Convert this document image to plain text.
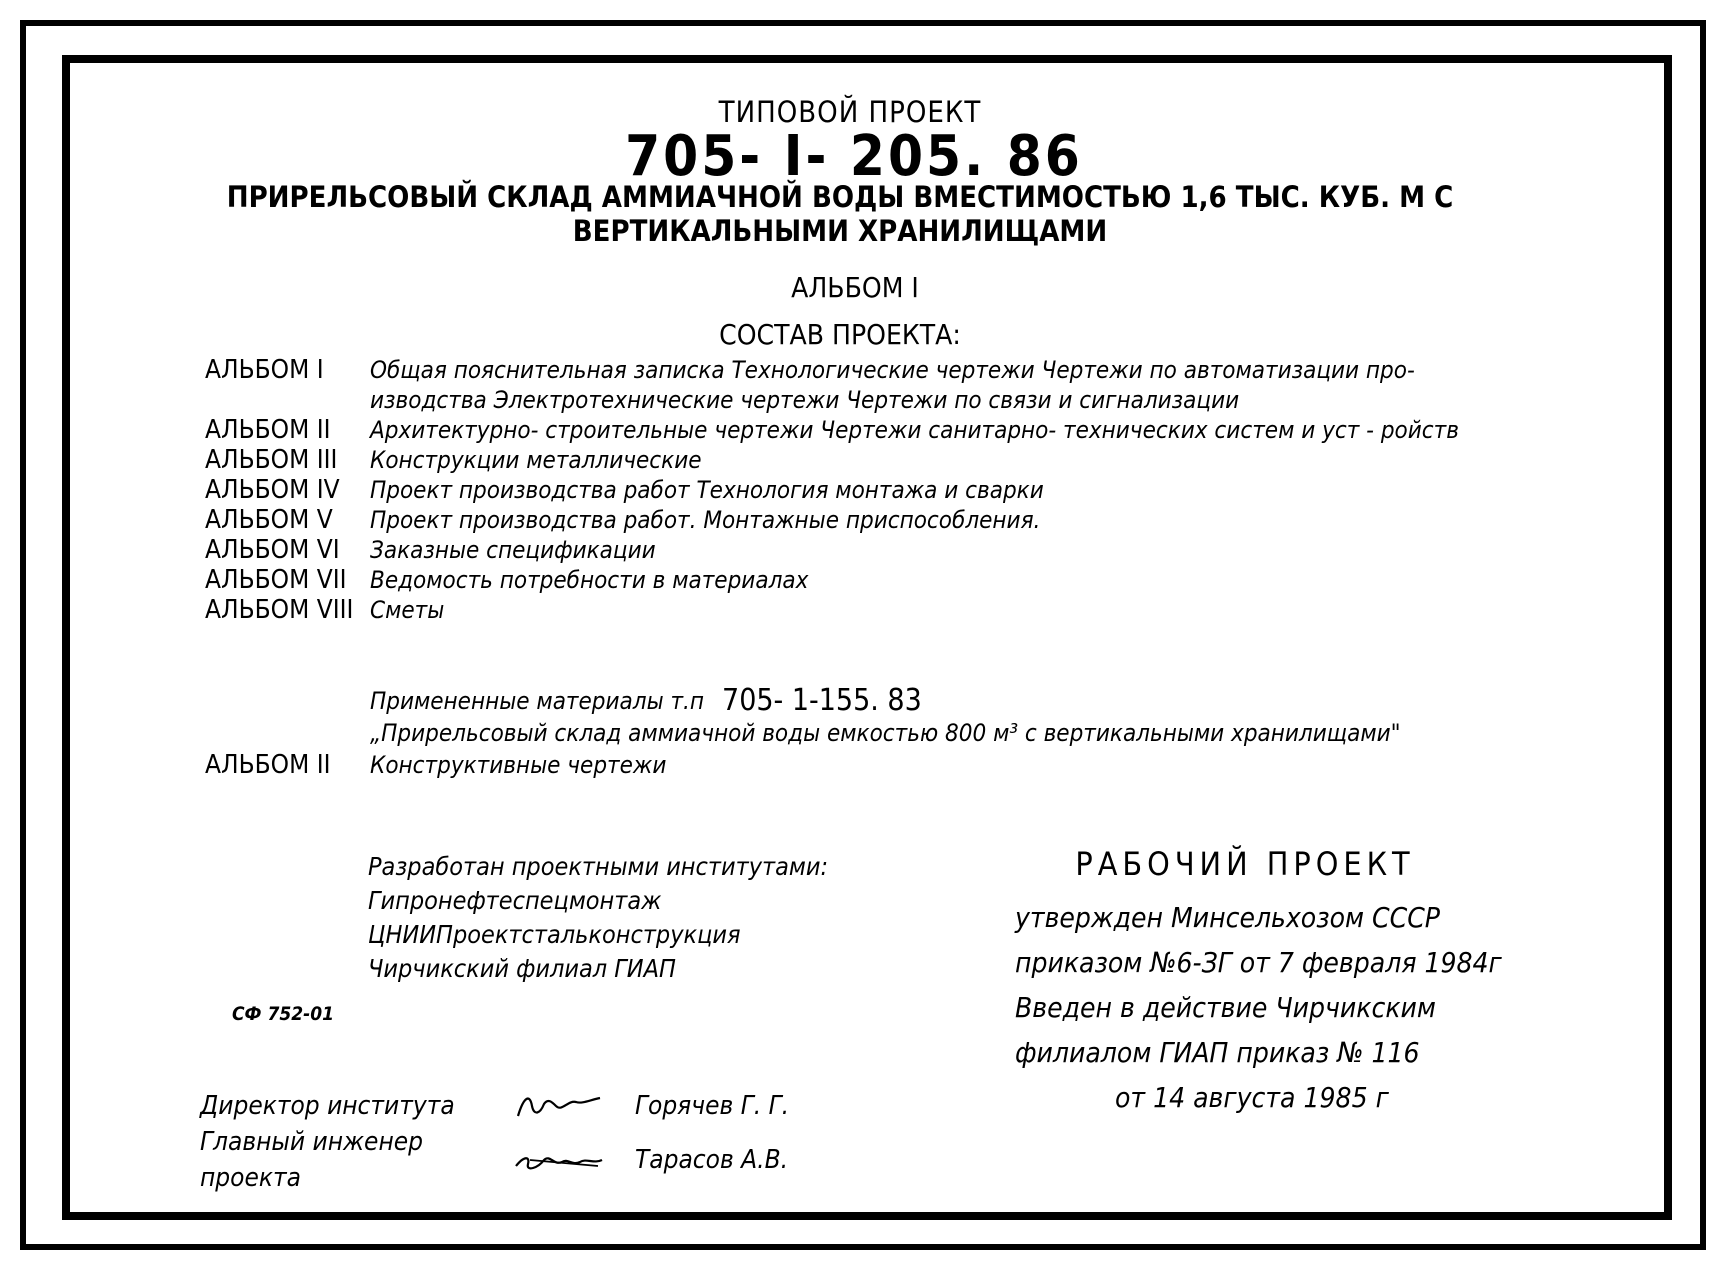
ТИПОВОЙ ПРОЕКТ
705- I- 205. 86
ПРИРЕЛЬСОВЫЙ СКЛАД АММИАЧНОЙ ВОДЫ ВМЕСТИМОСТЬЮ 1,6 ТЫС. КУБ. М С ВЕРТИКАЛЬНЫМИ ХРАНИЛИЩАМИ
АЛЬБОМ I
СОСТАВ ПРОЕКТА:
АЛЬБОМ I	Общая пояснительная записка Технологические чертежи Чертежи по автоматизации про- изводства Электротехнические чертежи Чертежи по связи и сигнализации
АЛЬБОМ II	Архитектурно- строительные чертежи Чертежи санитарно- технических систем и уст - ройств
АЛЬБОМ III	Конструкции металлические
АЛЬБОМ IV	Проект производства работ Технология монтажа и сварки
АЛЬБОМ V	Проект производства работ. Монтажные приспособления.
АЛЬБОМ VI	Заказные спецификации
АЛЬБОМ VII Ведомость потребности в материалах
АЛЬБОМ VIII Сметы
Примененные материалы т.п 705- 1-155. 83
„Прирельсовый склад аммиачной воды емкостью 800 м³ с вертикальными хранилищами"
АЛЬБОМ II	Конструктивные чертежи
Разработан проектными институтами:
Гипронефтеспецмонтаж
ЦНИИПроектстальконструкция
Чирчикский филиал ГИАП
РАБОЧИЙ ПРОЕКТ
утвержден Минсельхозом СССР
приказом №6-ЗГ от 7 февраля 1984г
Введен в действие Чирчикским
филиалом ГИАП приказ № 116
от 14 августа 1985 г
СФ 752-01
Директор института	Горячев Г. Г.
Главный инженер проекта
Тарасов А.В.
